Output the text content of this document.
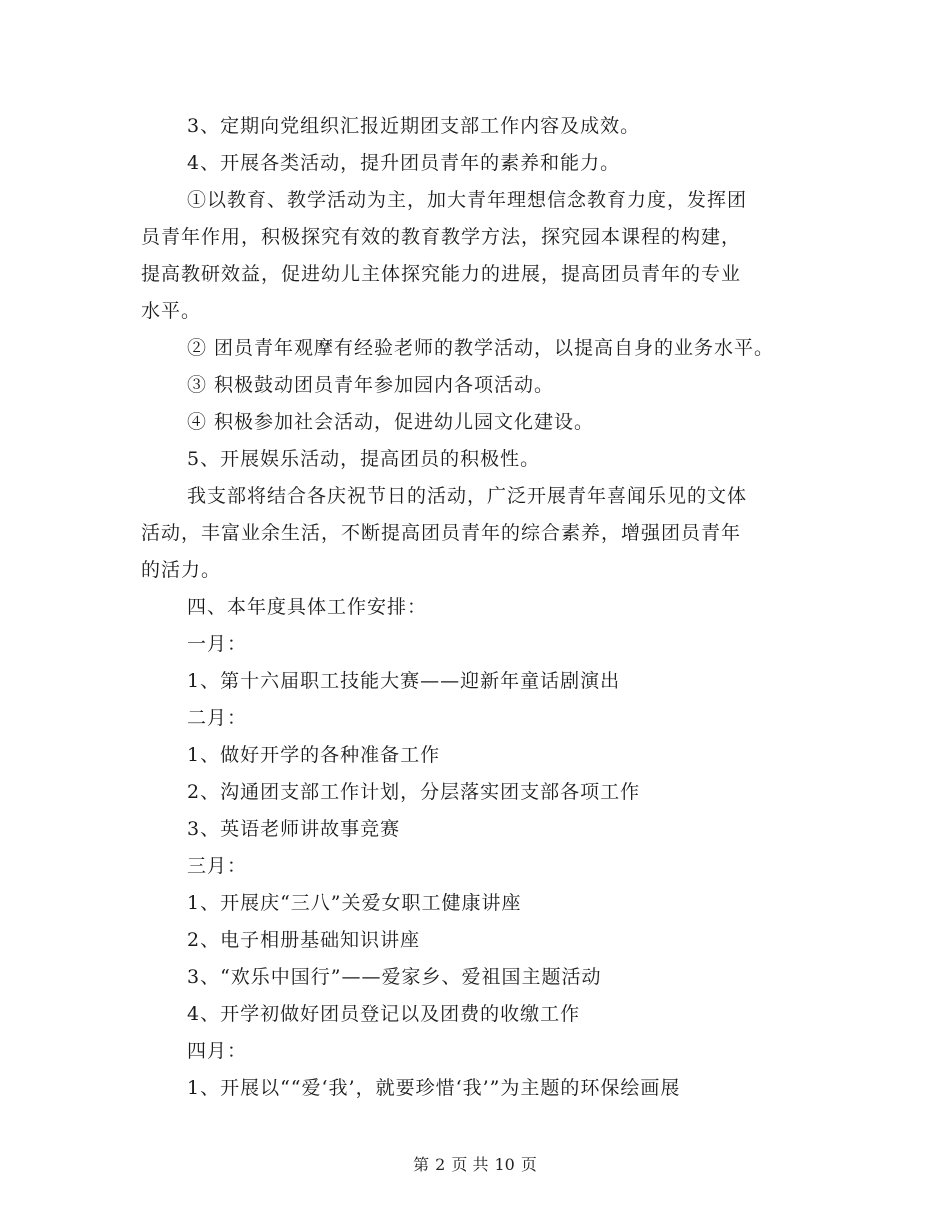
3、定期向党组织汇报近期团支部工作内容及成效。
4、开展各类活动，提升团员青年的素养和能力。
①以教育、教学活动为主，加大青年理想信念教育力度，发挥团
员青年作用，积极探究有效的教育教学方法，探究园本课程的构建，
提高教研效益，促进幼儿主体探究能力的进展，提高团员青年的专业
水平。
② 团员青年观摩有经验老师的教学活动，以提高自身的业务水平。
③ 积极鼓动团员青年参加园内各项活动。
④ 积极参加社会活动，促进幼儿园文化建设。
5、开展娱乐活动，提高团员的积极性。
我支部将结合各庆祝节日的活动，广泛开展青年喜闻乐见的文体
活动，丰富业余生活，不断提高团员青年的综合素养，增强团员青年
的活力。
四、本年度具体工作安排：
一月：
1、第十六届职工技能大赛——迎新年童话剧演出
二月：
1、做好开学的各种准备工作
2、沟通团支部工作计划，分层落实团支部各项工作
3、英语老师讲故事竞赛
三月：
1、开展庆“三八”关爱女职工健康讲座
2、电子相册基础知识讲座
3、“欢乐中国行”——爱家乡、爱祖国主题活动
4、开学初做好团员登记以及团费的收缴工作
四月：
1、开展以““爱‘我’，就要珍惜‘我’”为主题的环保绘画展
第 2 页 共 10 页
